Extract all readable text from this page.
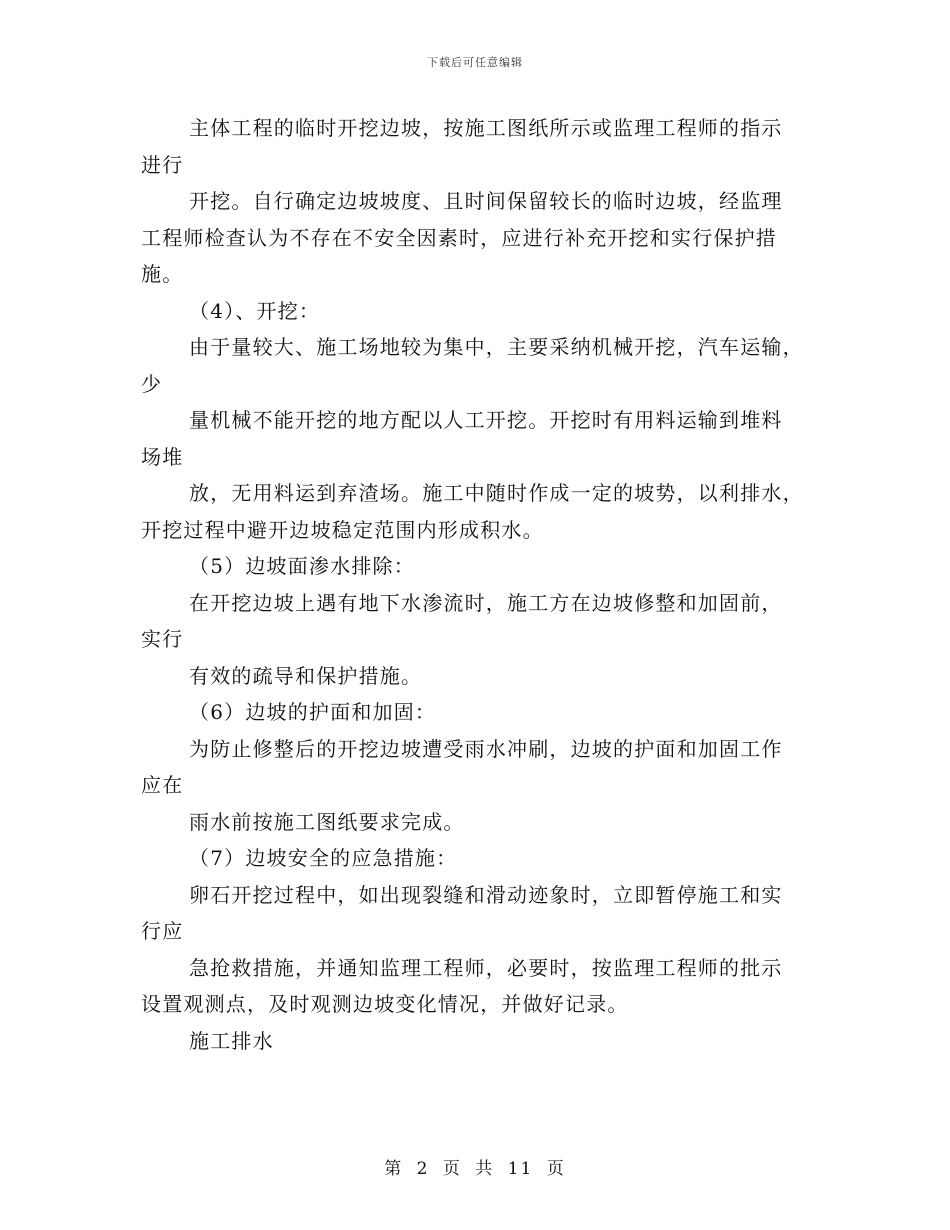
下载后可任意编辑
主体工程的临时开挖边坡，按施工图纸所示或监理工程师的指示
进行
开挖。自行确定边坡坡度、且时间保留较长的临时边坡，经监理
工程师检查认为不存在不安全因素时，应进行补充开挖和实行保护措
施。
（4）、开挖：
由于量较大、施工场地较为集中，主要采纳机械开挖，汽车运输，
少
量机械不能开挖的地方配以人工开挖。开挖时有用料运输到堆料
场堆
放，无用料运到弃渣场。施工中随时作成一定的坡势，以利排水，
开挖过程中避开边坡稳定范围内形成积水。
（5）边坡面渗水排除：
在开挖边坡上遇有地下水渗流时，施工方在边坡修整和加固前，
实行
有效的疏导和保护措施。
（6）边坡的护面和加固：
为防止修整后的开挖边坡遭受雨水冲刷，边坡的护面和加固工作
应在
雨水前按施工图纸要求完成。
（7）边坡安全的应急措施：
卵石开挖过程中，如出现裂缝和滑动迹象时，立即暂停施工和实
行应
急抢救措施，并通知监理工程师，必要时，按监理工程师的批示
设置观测点，及时观测边坡变化情况，并做好记录。
施工排水
第 2 页 共 11 页
